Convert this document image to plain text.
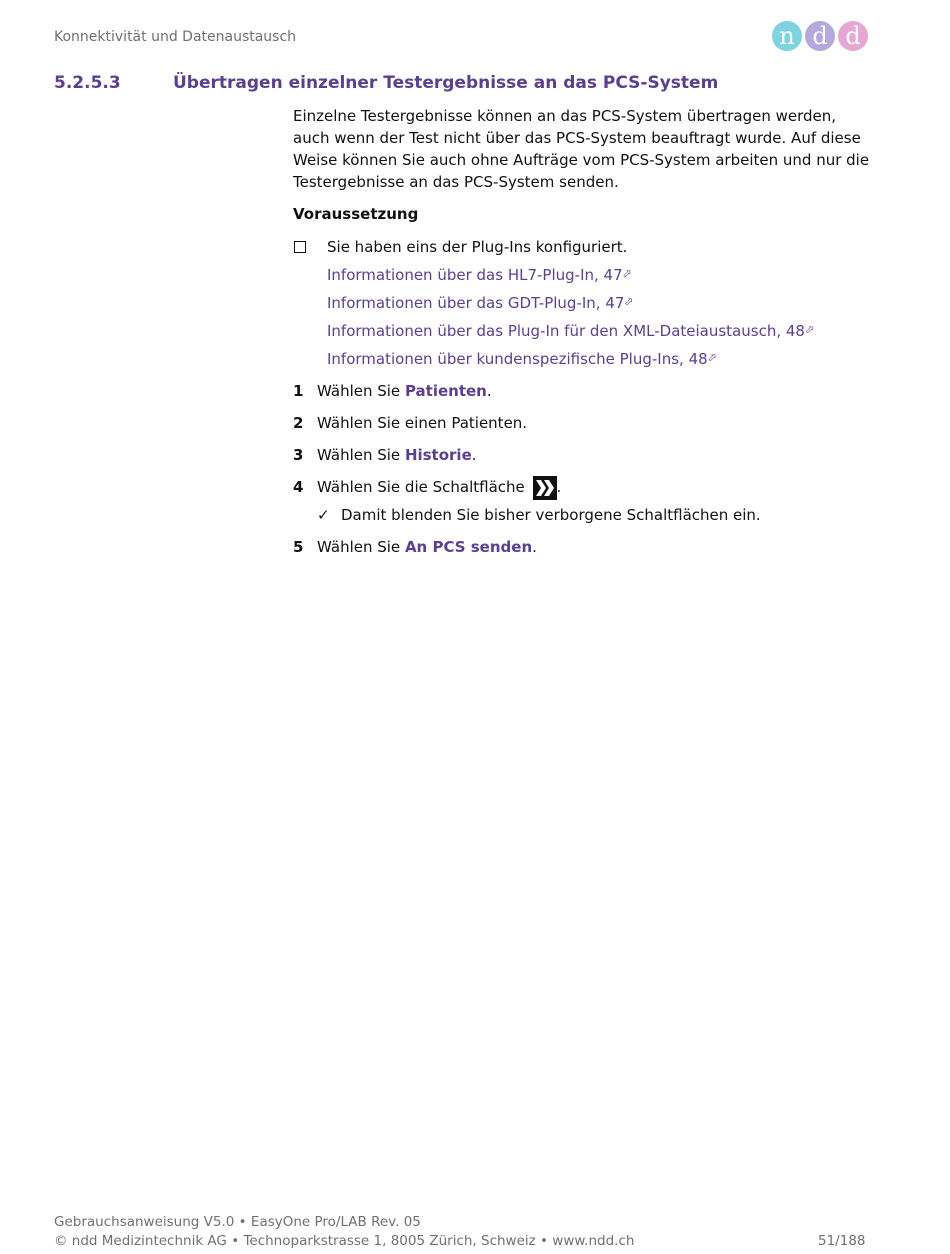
Konnektivität und Datenaustausch	n d d
5.2.5.3	Übertragen einzelner Testergebnisse an das PCS-System

Einzelne Testergebnisse können an das PCS-System übertragen werden, auch wenn der Test nicht über das PCS-System beauftragt wurde. Auf diese Weise können Sie auch ohne Aufträge vom PCS-System arbeiten und nur die Testergebnisse an das PCS-System senden.

Voraussetzung
Sie haben eins der Plug-Ins konfiguriert.
Informationen über das HL7-Plug-In, 47⬀
Informationen über das GDT-Plug-In, 47⬀
Informationen über das Plug-In für den XML-Dateiaustausch, 48⬀
Informationen über kundenspezifische Plug-Ins, 48⬀
1 Wählen Sie Patienten.
2 Wählen Sie einen Patienten.
3 Wählen Sie Historie.
4 Wählen Sie die Schaltfläche .
✓ Damit blenden Sie bisher verborgene Schaltflächen ein.
5 Wählen Sie An PCS senden.
Gebrauchsanweisung V5.0 • EasyOne Pro/LAB Rev. 05
© ndd Medizintechnik AG • Technoparkstrasse 1, 8005 Zürich, Schweiz • www.ndd.ch	51/188
